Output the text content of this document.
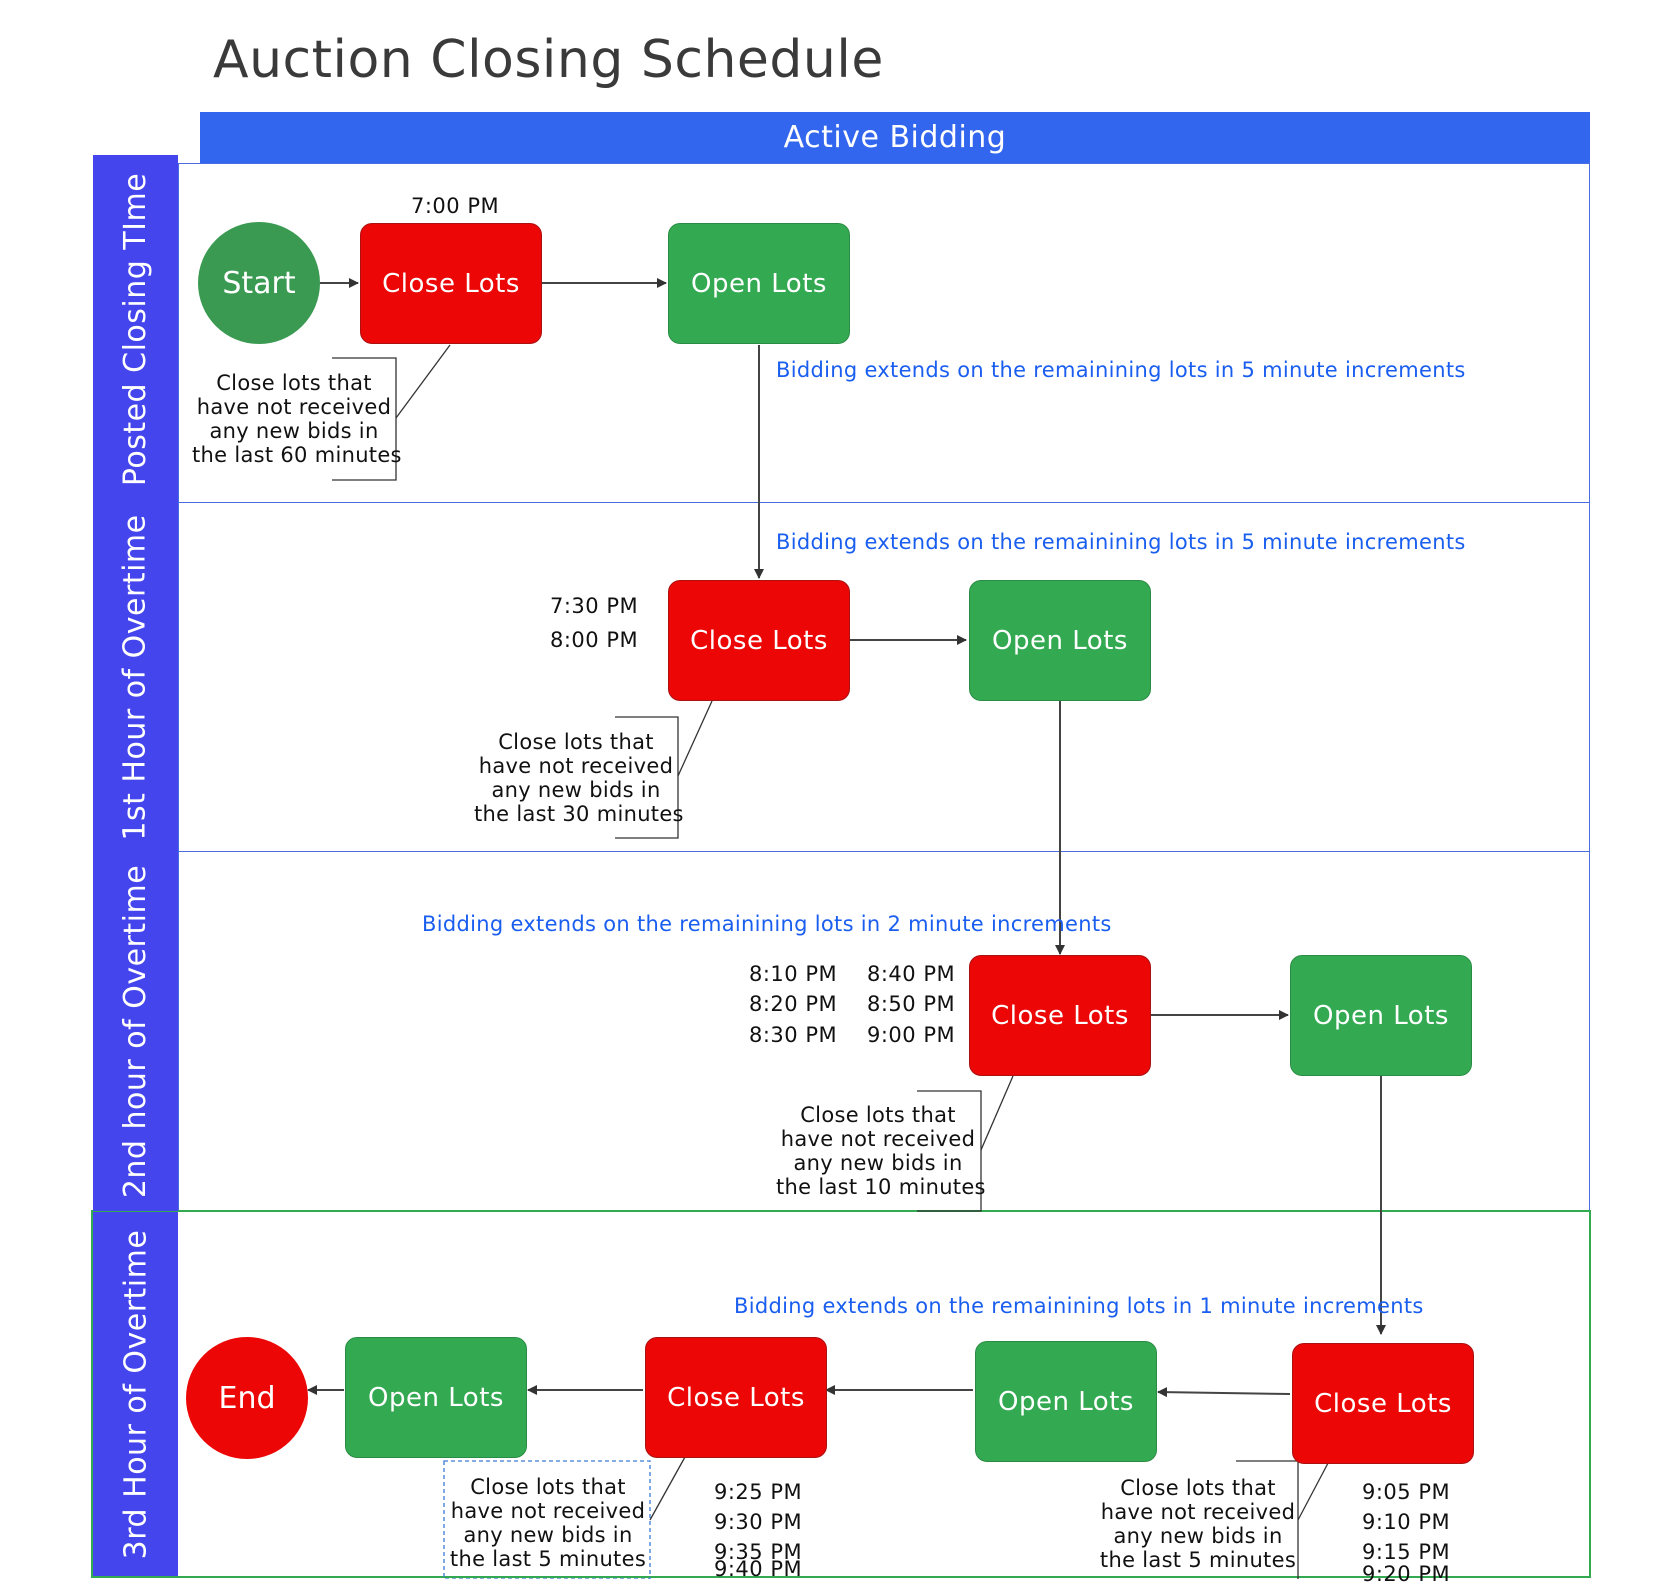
Auction Closing Schedule
Active Bidding
Posted Closing TIme
1st Hour of Overtime
2nd hour of Overtime
3rd Hour of Overtime
Start	Close Lots	Open Lots
7:00 PM
Close lots that
have not received
any new bids in
the last 60 minutes
Bidding extends on the remainining lots in 5 minute increments
Bidding extends on the remainining lots in 5 minute increments
7:30 PM
8:00 PM Close Lots	Open Lots
Close lots that
have not received
any new bids in
the last 30 minutes
Bidding extends on the remainining lots in 2 minute increments
8:10 PM
8:20 PM
8:30 PM
8:40 PM
8:50 PM
9:00 PM
Close Lots	Open Lots
Close lots that
have not received
any new bids in
the last 10 minutes
Bidding extends on the remainining lots in 1 minute increments
End	Open Lots	Close Lots	Open Lots	Close Lots
Close lots that
have not received
any new bids in
the last 5 minutes
Close lots that
have not received
any new bids in
the last 5 minutes
9:25 PM
9:30 PM
9:35 PM
9:40 PM
9:05 PM
9:10 PM
9:15 PM
9:20 PM
